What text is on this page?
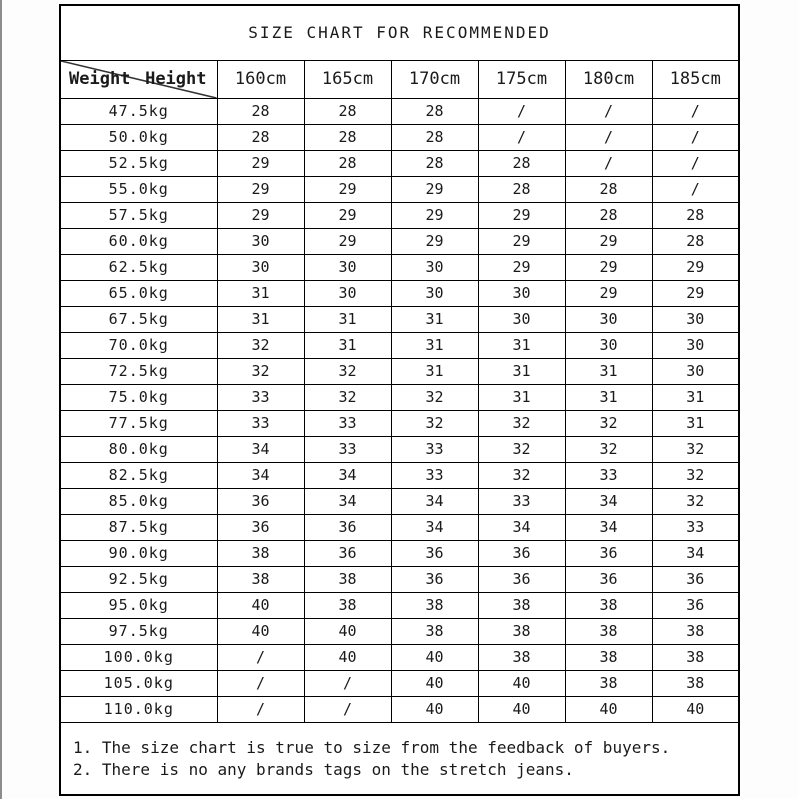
SIZE CHART FOR RECOMMENDED						

Weight Height	160cm	165cm	170cm	175cm	180cm	185cm
47.5kg	28	28	28	/	/	/
50.0kg	28	28	28	/	/	/
52.5kg	29	28	28	28	/	/
55.0kg	29	29	29	28	28	/
57.5kg	29	29	29	29	28	28
60.0kg	30	29	29	29	29	28
62.5kg	30	30	30	29	29	29
65.0kg	31	30	30	30	29	29
67.5kg	31	31	31	30	30	30
70.0kg	32	31	31	31	30	30
72.5kg	32	32	31	31	31	30
75.0kg	33	32	32	31	31	31
77.5kg	33	33	32	32	32	31
80.0kg	34	33	33	32	32	32
82.5kg	34	34	33	32	33	32
85.0kg	36	34	34	33	34	32
87.5kg	36	36	34	34	34	33
90.0kg	38	36	36	36	36	34
92.5kg	38	38	36	36	36	36
95.0kg	40	38	38	38	38	36
97.5kg	40	40	38	38	38	38
100.0kg	/	40	40	38	38	38
105.0kg	/	/	40	40	38	38
110.0kg	/	/	40	40	40	40

1. The size chart is true to size from the feedback of buyers.
2. There is no any brands tags on the stretch jeans.						
